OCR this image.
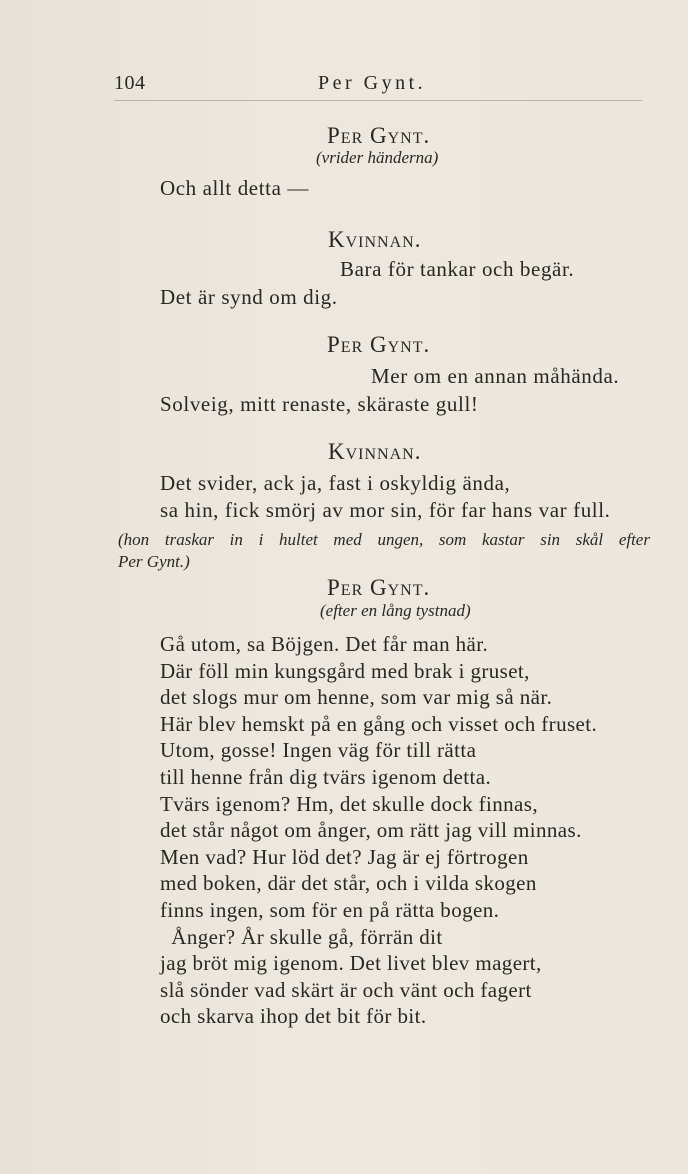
104	Per Gynt.
Per Gynt.
(vrider händerna)
Och allt detta —
Kvinnan.
Bara för tankar och begär.
Det är synd om dig.
Per Gynt.
Mer om en annan måhända.
Solveig, mitt renaste, skäraste gull!
Kvinnan.
Det svider, ack ja, fast i oskyldig ända,
sa hin, fick smörj av mor sin, för far hans var full.
(hon traskar in i hultet med ungen, som kastar sin skål efter
Per Gynt.)
Per Gynt.
(efter en lång tystnad)
Gå utom, sa Böjgen. Det får man här.
Där föll min kungsgård med brak i gruset,
det slogs mur om henne, som var mig så när.
Här blev hemskt på en gång och visset och fruset.
Utom, gosse! Ingen väg för till rätta
till henne från dig tvärs igenom detta.
Tvärs igenom? Hm, det skulle dock finnas,
det står något om ånger, om rätt jag vill minnas.
Men vad? Hur löd det? Jag är ej förtrogen
med boken, där det står, och i vilda skogen
finns ingen, som för en på rätta bogen.
Ånger? År skulle gå, förrän dit
jag bröt mig igenom. Det livet blev magert,
slå sönder vad skärt är och vänt och fagert
och skarva ihop det bit för bit.
